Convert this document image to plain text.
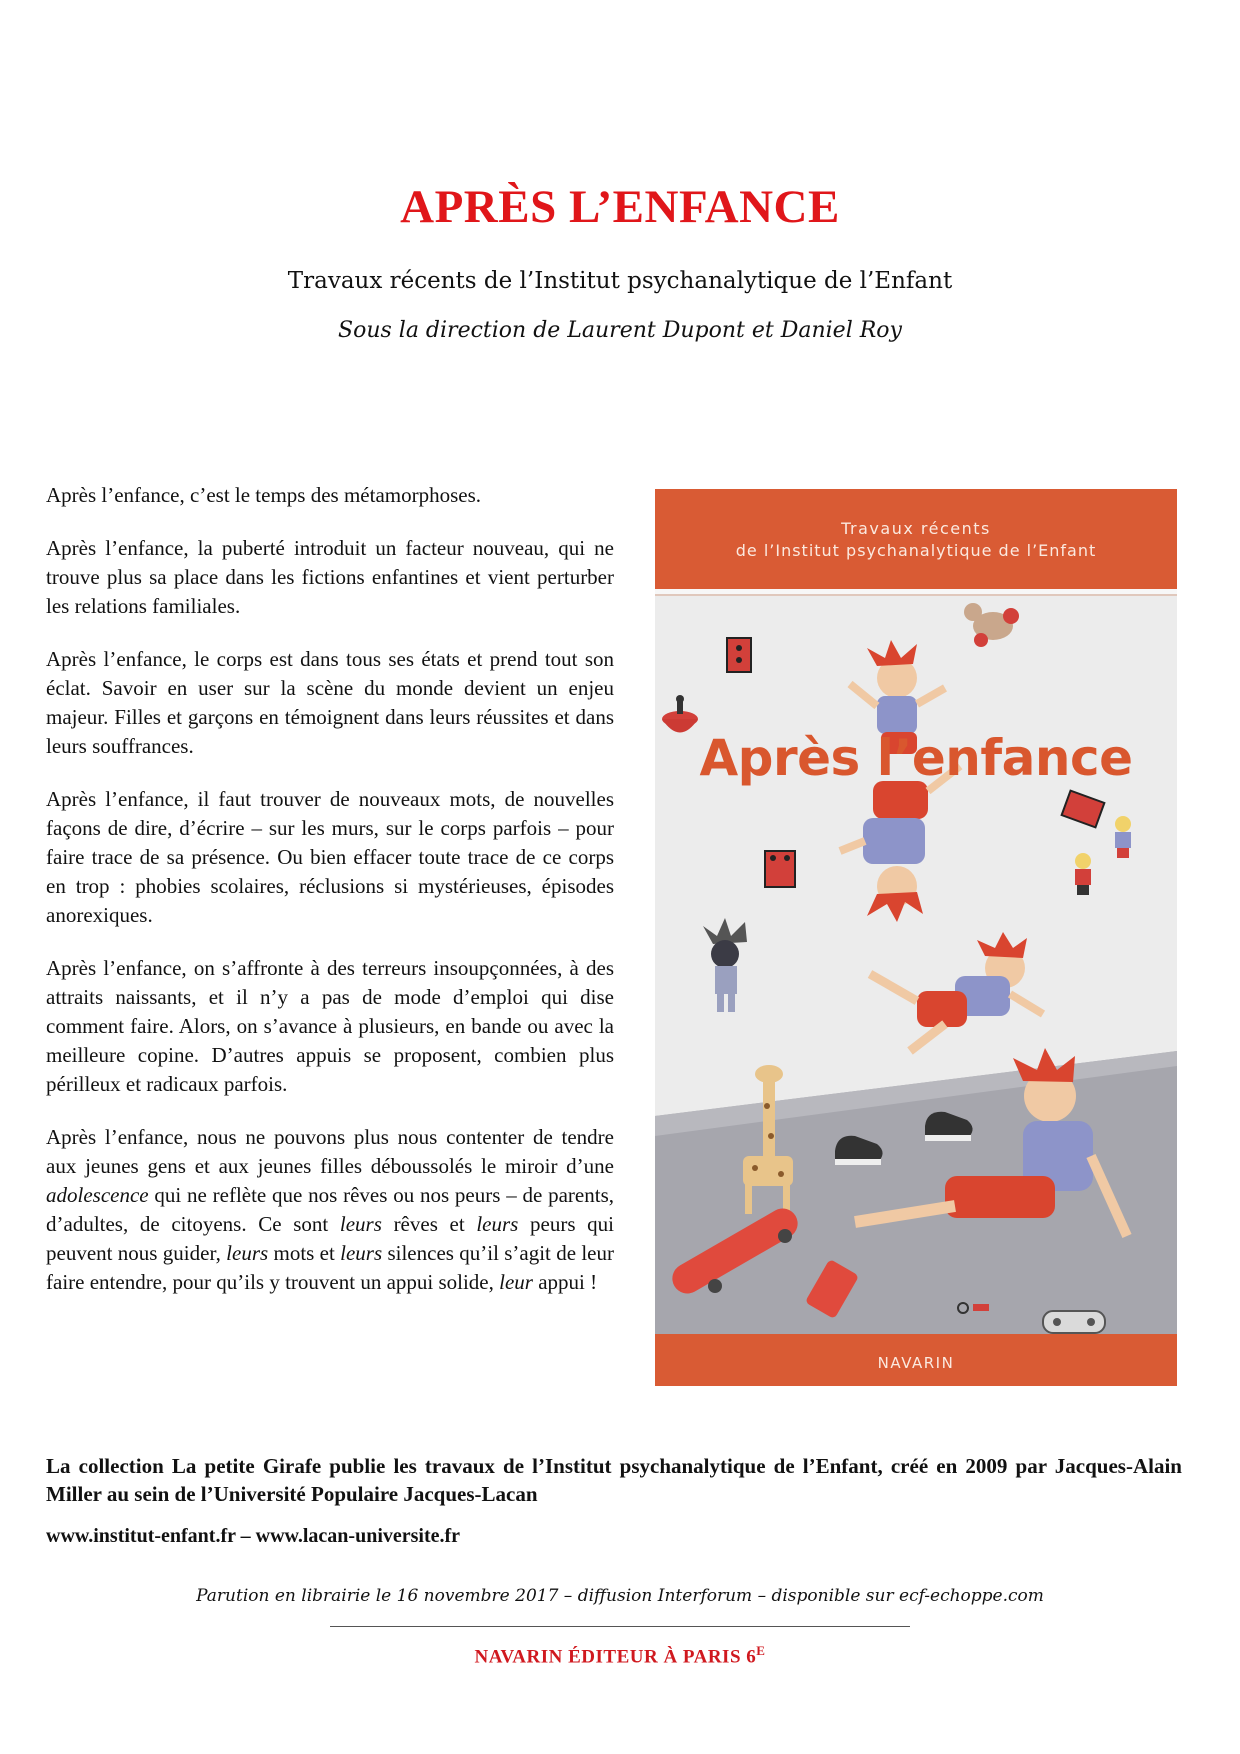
APRÈS L’ENFANCE
Travaux récents de l’Institut psychanalytique de l’Enfant
Sous la direction de Laurent Dupont et Daniel Roy

Après l’enfance, c’est le temps des métamorphoses.

Après l’enfance, la puberté introduit un facteur nouveau, qui ne trouve plus sa place dans les fictions enfantines et vient perturber les relations familiales.

Après l’enfance, le corps est dans tous ses états et prend tout son éclat. Savoir en user sur la scène du monde devient un enjeu majeur. Filles et garçons en témoignent dans leurs réussites et dans leurs souffrances.

Après l’enfance, il faut trouver de nouveaux mots, de nouvelles façons de dire, d’écrire – sur les murs, sur le corps parfois – pour faire trace de sa présence. Ou bien effacer toute trace de ce corps en trop : phobies scolaires, réclusions si mystérieuses, épisodes anorexiques.

Après l’enfance, on s’affronte à des terreurs insoupçonnées, à des attraits naissants, et il n’y a pas de mode d’emploi qui dise comment faire. Alors, on s’avance à plusieurs, en bande ou avec la meilleure copine. D’autres appuis se proposent, combien plus périlleux et radicaux parfois.

Après l’enfance, nous ne pouvons plus nous contenter de tendre aux jeunes gens et aux jeunes filles déboussolés le miroir d’une adolescence qui ne reflète que nos rêves ou nos peurs – de parents, d’adultes, de citoyens. Ce sont leurs rêves et leurs peurs qui peuvent nous guider, leurs mots et leurs silences qu’il s’agit de leur faire entendre, pour qu’ils y trouvent un appui solide, leur appui !

Travaux récents
de l’Institut psychanalytique de l’Enfant
Après l’enfance
NAVARIN
La collection La petite Girafe publie les travaux de l’Institut psychanalytique de l’Enfant, créé en 2009 par Jacques-Alain Miller au sein de l’Université Populaire Jacques-Lacan
www.institut-enfant.fr – www.lacan-universite.fr
Parution en librairie le 16 novembre 2017 – diffusion Interforum – disponible sur ecf-echoppe.com
NAVARIN ÉDITEUR À PARIS $6^E$
